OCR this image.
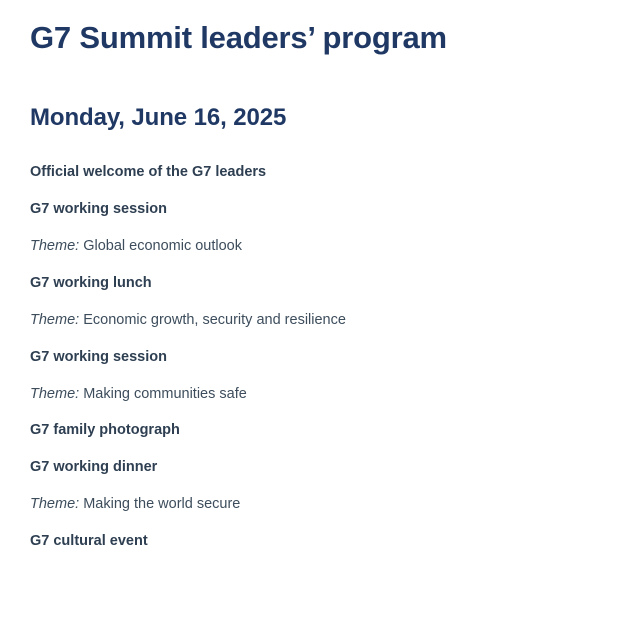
G7 Summit leaders’ program
Monday, June 16, 2025

Official welcome of the G7 leaders

G7 working session

Theme: Global economic outlook

G7 working lunch

Theme: Economic growth, security and resilience

G7 working session

Theme: Making communities safe

G7 family photograph

G7 working dinner

Theme: Making the world secure

G7 cultural event
